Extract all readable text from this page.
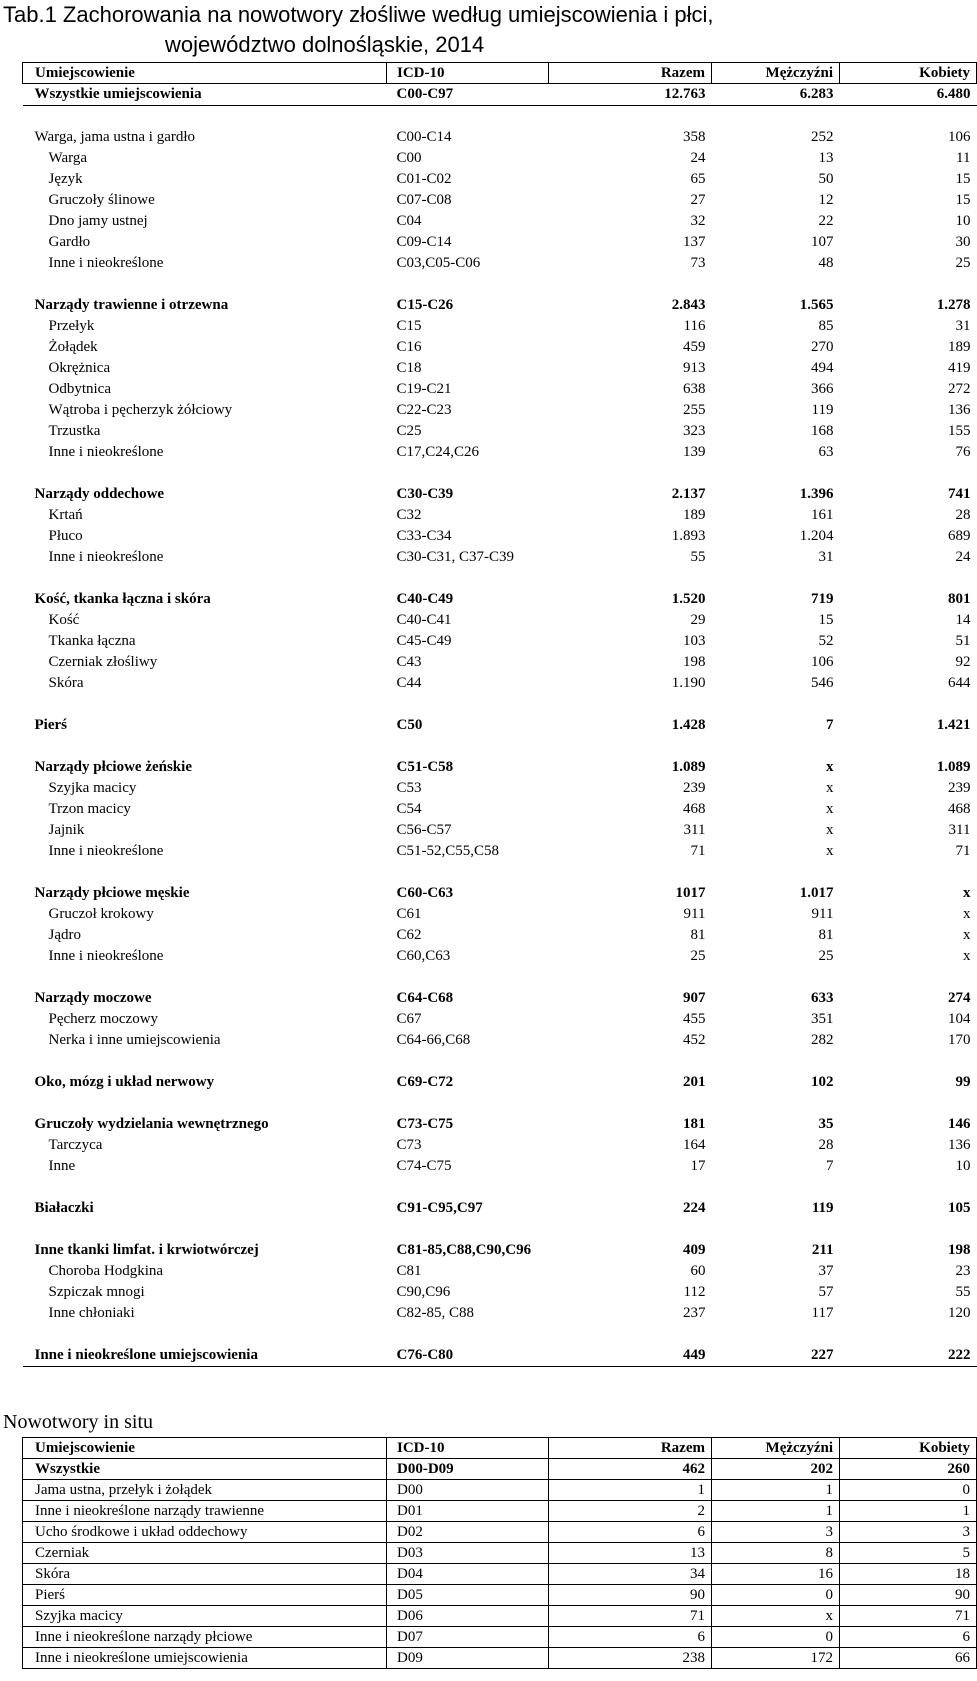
Tab.1 Zachorowania na nowotwory złośliwe według umiejscowienia i płci,
województwo dolnośląskie, 2014
Umiejscowienie	ICD-10	Razem	Mężczyźni	Kobiety
Wszystkie umiejscowienia	C00-C97	12.763	6.283	6.480

Warga, jama ustna i gardło	C00-C14	358	252	106
Warga	C00	24	13	11
Język	C01-C02	65	50	15
Gruczoły ślinowe	C07-C08	27	12	15
Dno jamy ustnej	C04	32	22	10
Gardło	C09-C14	137	107	30
Inne i nieokreślone	C03,C05-C06	73	48	25

Narządy trawienne i otrzewna	C15-C26	2.843	1.565	1.278
Przełyk	C15	116	85	31
Żołądek	C16	459	270	189
Okrężnica	C18	913	494	419
Odbytnica	C19-C21	638	366	272
Wątroba i pęcherzyk żółciowy	C22-C23	255	119	136
Trzustka	C25	323	168	155
Inne i nieokreślone	C17,C24,C26	139	63	76

Narządy oddechowe	C30-C39	2.137	1.396	741
Krtań	C32	189	161	28
Płuco	C33-C34	1.893	1.204	689
Inne i nieokreślone	C30-C31, C37-C39	55	31	24

Kość, tkanka łączna i skóra	C40-C49	1.520	719	801
Kość	C40-C41	29	15	14
Tkanka łączna	C45-C49	103	52	51
Czerniak złośliwy	C43	198	106	92
Skóra	C44	1.190	546	644

Pierś	C50	1.428	7	1.421

Narządy płciowe żeńskie	C51-C58	1.089	x	1.089
Szyjka macicy	C53	239	x	239
Trzon macicy	C54	468	x	468
Jajnik	C56-C57	311	x	311
Inne i nieokreślone	C51-52,C55,C58	71	x	71

Narządy płciowe męskie	C60-C63	1017	1.017	x
Gruczoł krokowy	C61	911	911	x
Jądro	C62	81	81	x
Inne i nieokreślone	C60,C63	25	25	x

Narządy moczowe	C64-C68	907	633	274
Pęcherz moczowy	C67	455	351	104
Nerka i inne umiejscowienia	C64-66,C68	452	282	170

Oko, mózg i układ nerwowy	C69-C72	201	102	99

Gruczoły wydzielania wewnętrznego	C73-C75	181	35	146
Tarczyca	C73	164	28	136
Inne	C74-C75	17	7	10

Białaczki	C91-C95,C97	224	119	105

Inne tkanki limfat. i krwiotwórczej	C81-85,C88,C90,C96	409	211	198
Choroba Hodgkina	C81	60	37	23
Szpiczak mnogi	C90,C96	112	57	55
Inne chłoniaki	C82-85, C88	237	117	120

Inne i nieokreślone umiejscowienia	C76-C80	449	227	222
Nowotwory in situ
Umiejscowienie	ICD-10	Razem	Mężczyźni	Kobiety
Wszystkie	D00-D09	462	202	260
Jama ustna, przełyk i żołądek	D00	1	1	0
Inne i nieokreślone narządy trawienne	D01	2	1	1
Ucho środkowe i układ oddechowy	D02	6	3	3
Czerniak	D03	13	8	5
Skóra	D04	34	16	18
Pierś	D05	90	0	90
Szyjka macicy	D06	71	x	71
Inne i nieokreślone narządy płciowe	D07	6	0	6
Inne i nieokreślone umiejscowienia	D09	238	172	66
